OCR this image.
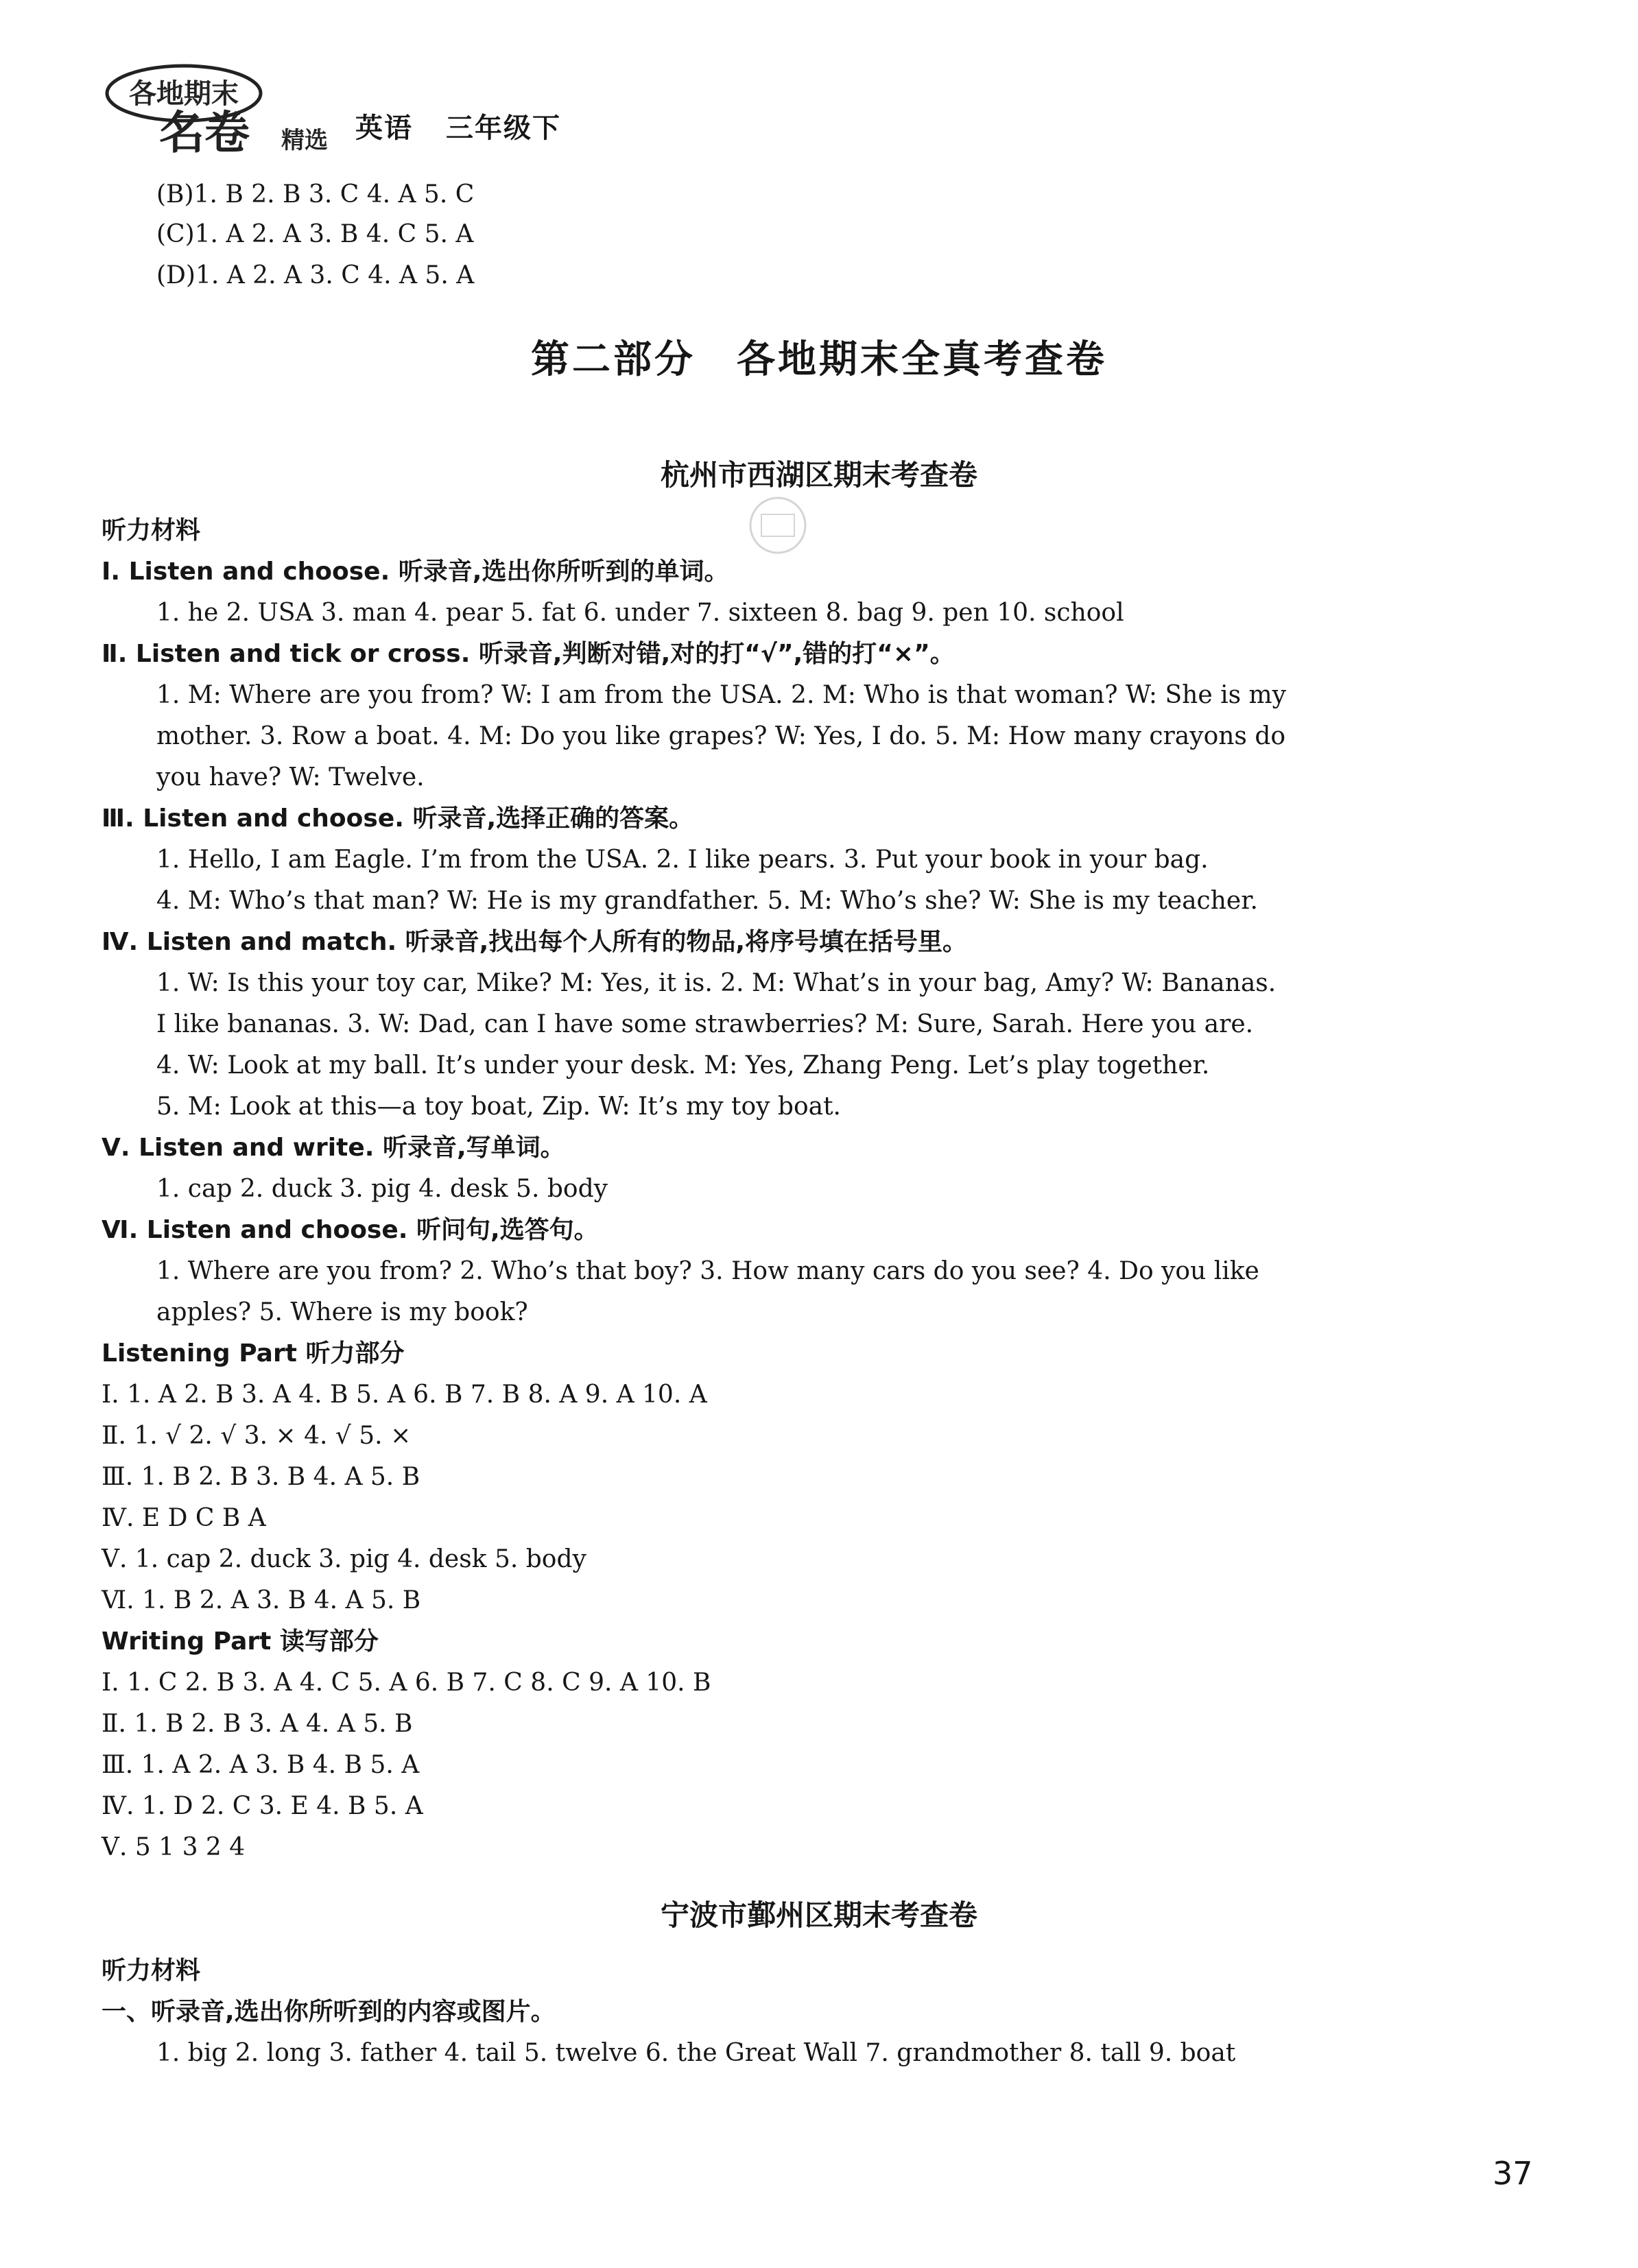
各地期末
名卷 精选 英语 三年级下
(B)1. B 2. B 3. C 4. A 5. C
(C)1. A 2. A 3. B 4. C 5. A
(D)1. A 2. A 3. C 4. A 5. A
第二部分 各地期末全真考查卷
杭州市西湖区期末考查卷
听力材料
Ⅰ. Listen and choose. 听录音,选出你所听到的单词。
1. he 2. USA 3. man 4. pear 5. fat 6. under 7. sixteen 8. bag 9. pen 10. school
Ⅱ. Listen and tick or cross. 听录音,判断对错,对的打“√”,错的打“×”。
1. M: Where are you from? W: I am from the USA. 2. M: Who is that woman? W: She is my
mother. 3. Row a boat. 4. M: Do you like grapes? W: Yes, I do. 5. M: How many crayons do
you have? W: Twelve.
Ⅲ. Listen and choose. 听录音,选择正确的答案。
1. Hello, I am Eagle. I’m from the USA. 2. I like pears. 3. Put your book in your bag.
4. M: Who’s that man? W: He is my grandfather. 5. M: Who’s she? W: She is my teacher.
Ⅳ. Listen and match. 听录音,找出每个人所有的物品,将序号填在括号里。
1. W: Is this your toy car, Mike? M: Yes, it is. 2. M: What’s in your bag, Amy? W: Bananas.
I like bananas. 3. W: Dad, can I have some strawberries? M: Sure, Sarah. Here you are.
4. W: Look at my ball. It’s under your desk. M: Yes, Zhang Peng. Let’s play together.
5. M: Look at this—a toy boat, Zip. W: It’s my toy boat.
Ⅴ. Listen and write. 听录音,写单词。
1. cap 2. duck 3. pig 4. desk 5. body
Ⅵ. Listen and choose. 听问句,选答句。
1. Where are you from? 2. Who’s that boy? 3. How many cars do you see? 4. Do you like
apples? 5. Where is my book?
Listening Part 听力部分
Ⅰ. 1. A 2. B 3. A 4. B 5. A 6. B 7. B 8. A 9. A 10. A
Ⅱ. 1. √ 2. √ 3. × 4. √ 5. ×
Ⅲ. 1. B 2. B 3. B 4. A 5. B
Ⅳ. E D C B A
Ⅴ. 1. cap 2. duck 3. pig 4. desk 5. body
Ⅵ. 1. B 2. A 3. B 4. A 5. B
Writing Part 读写部分
Ⅰ. 1. C 2. B 3. A 4. C 5. A 6. B 7. C 8. C 9. A 10. B
Ⅱ. 1. B 2. B 3. A 4. A 5. B
Ⅲ. 1. A 2. A 3. B 4. B 5. A
Ⅳ. 1. D 2. C 3. E 4. B 5. A
Ⅴ. 5 1 3 2 4
宁波市鄞州区期末考查卷
听力材料
一、听录音,选出你所听到的内容或图片。
1. big 2. long 3. father 4. tail 5. twelve 6. the Great Wall 7. grandmother 8. tall 9. boat
37
